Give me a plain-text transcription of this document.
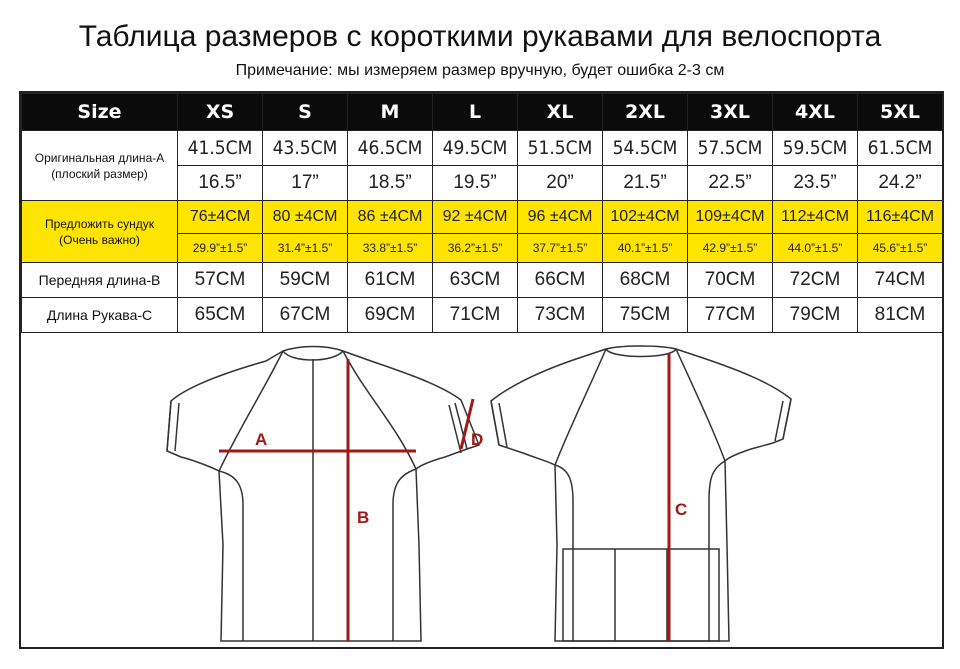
Таблица размеров с короткими рукавами для велоспорта
Примечание: мы измеряем размер вручную, будет ошибка 2-3 см
Size	XS	S	M	L	XL	2XL	3XL	4XL	5XL

Оригинальная длина-A
(плоский размер)	41.5CM	43.5CM	46.5CM	49.5CM	51.5CM	54.5CM	57.5CM	59.5CM	61.5CM
	16.5”	17”	18.5”	19.5”	20”	21.5”	22.5”	23.5”	24.2”

Предложить сундук
(Очень важно)	76±4CM	80 ±4CM	86 ±4CM	92 ±4CM	96 ±4CM	102±4CM	109±4CM	112±4CM	116±4CM
	29.9”±1.5”	31.4”±1.5”	33.8”±1.5”	36.2”±1.5”	37.7”±1.5”	40.1”±1.5”	42.9”±1.5”	44.0”±1.5”	45.6”±1.5”
Передняя длина-B	57CM	59CM	61CM	63CM	66CM	68CM	70CM	72CM	74CM
Длина Рукава-C	65CM	67CM	69CM	71CM	73CM	75CM	77CM	79CM	81CM
A
B	C
D
